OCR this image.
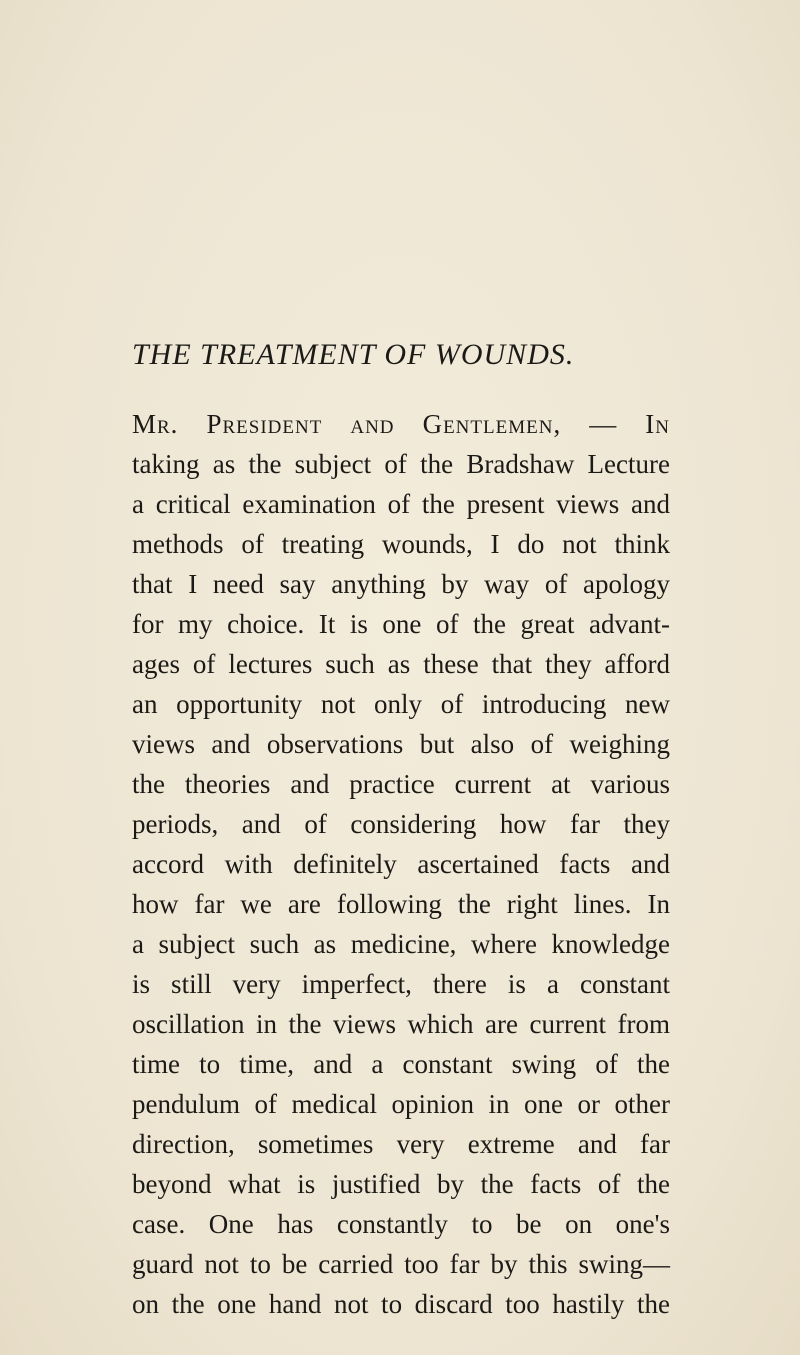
THE TREATMENT OF WOUNDS.
Mr. President and Gentlemen, — In
taking as the subject of the Bradshaw Lecture
a critical examination of the present views and
methods of treating wounds, I do not think
that I need say anything by way of apology
for my choice. It is one of the great advant-
ages of lectures such as these that they afford
an opportunity not only of introducing new
views and observations but also of weighing
the theories and practice current at various
periods, and of considering how far they
accord with definitely ascertained facts and
how far we are following the right lines. In
a subject such as medicine, where knowledge
is still very imperfect, there is a constant
oscillation in the views which are current from
time to time, and a constant swing of the
pendulum of medical opinion in one or other
direction, sometimes very extreme and far
beyond what is justified by the facts of the
case. One has constantly to be on one's
guard not to be carried too far by this swing—
on the one hand not to discard too hastily the
